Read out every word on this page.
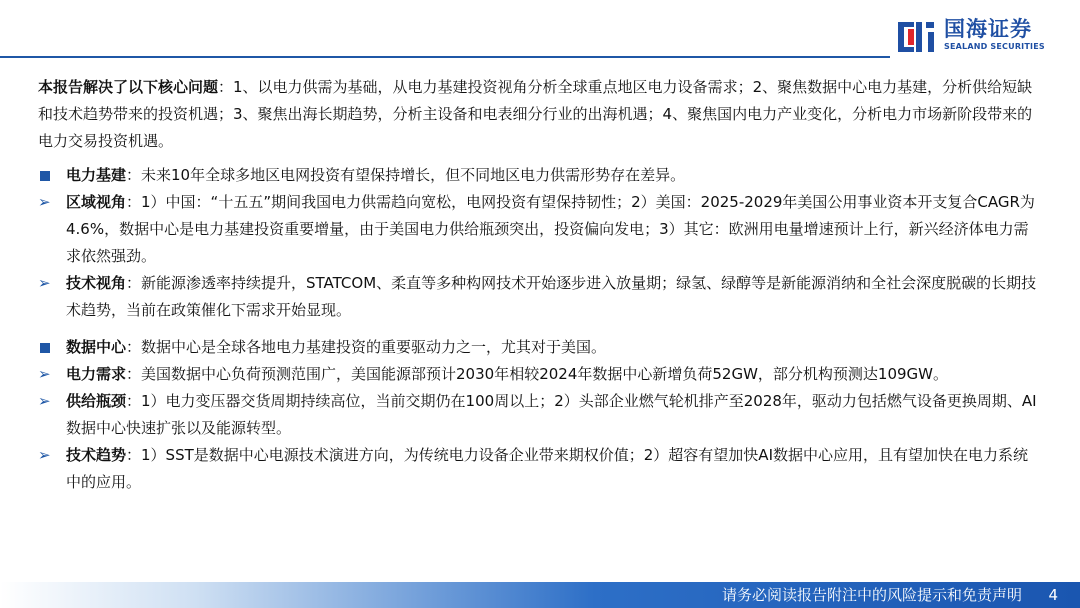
国海证券
SEALAND SECURITIES

本报告解决了以下核心问题：1、以电力供需为基础，从电力基建投资视角分析全球重点地区电力设备需求；2、聚焦数据中心电力基建，分析供给短缺和技术趋势带来的投资机遇；3、聚焦出海长期趋势，分析主设备和电表细分行业的出海机遇；4、聚焦国内电力产业变化，分析电力市场新阶段带来的电力交易投资机遇。

电力基建：未来10年全球多地区电网投资有望保持增长，但不同地区电力供需形势存在差异。
➢ 区域视角：1）中国：“十五五”期间我国电力供需趋向宽松，电网投资有望保持韧性；2）美国：2025-2029年美国公用事业资本开支复合CAGR为4.6%，数据中心是电力基建投资重要增量，由于美国电力供给瓶颈突出，投资偏向发电；3）其它：欧洲用电量增速预计上行，新兴经济体电力需求依然强劲。
➢ 技术视角：新能源渗透率持续提升，STATCOM、柔直等多种构网技术开始逐步进入放量期；绿氢、绿醇等是新能源消纳和全社会深度脱碳的长期技术趋势，当前在政策催化下需求开始显现。
数据中心：数据中心是全球各地电力基建投资的重要驱动力之一，尤其对于美国。
➢ 电力需求：美国数据中心负荷预测范围广，美国能源部预计2030年相较2024年数据中心新增负荷52GW，部分机构预测达109GW。
➢ 供给瓶颈：1）电力变压器交货周期持续高位，当前交期仍在100周以上；2）头部企业燃气轮机排产至2028年，驱动力包括燃气设备更换周期、AI数据中心快速扩张以及能源转型。
➢ 技术趋势：1）SST是数据中心电源技术演进方向，为传统电力设备企业带来期权价值；2）超容有望加快AI数据中心应用，且有望加快在电力系统中的应用。
请务必阅读报告附注中的风险提示和免责声明 4
